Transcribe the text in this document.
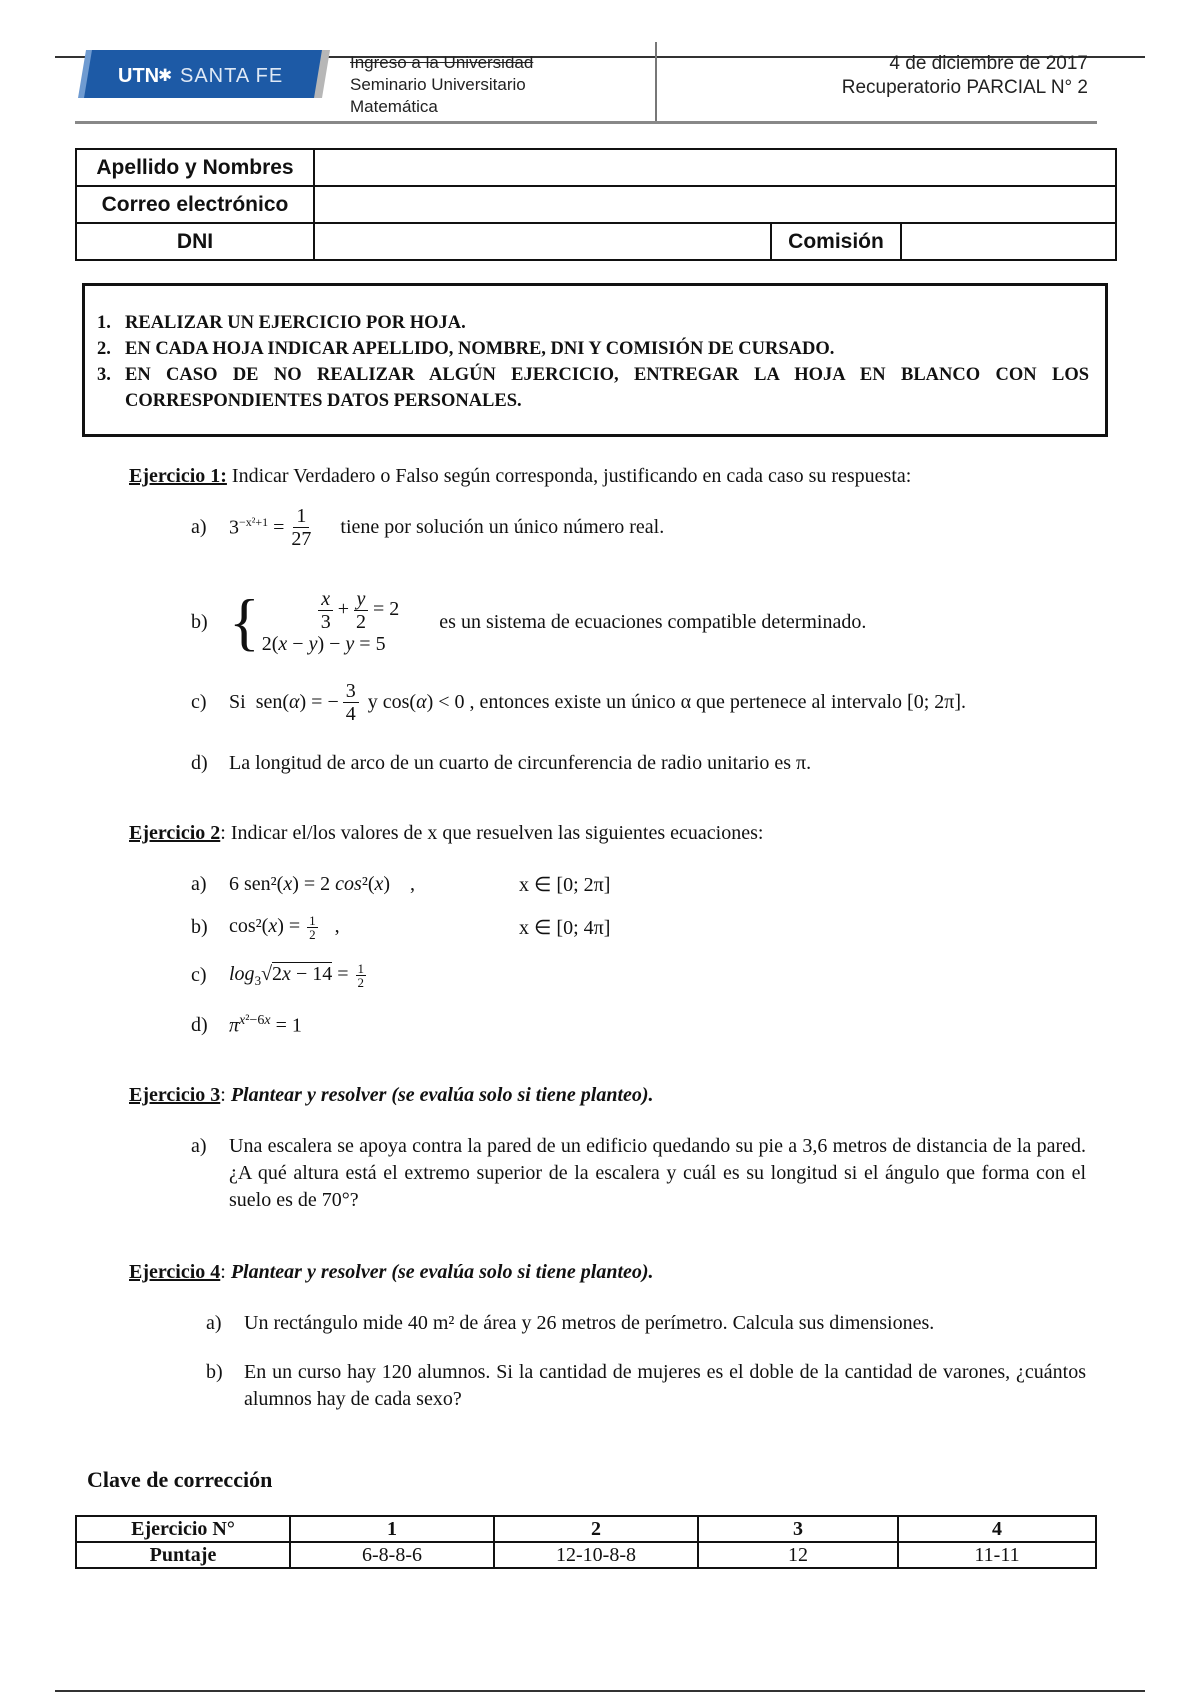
UTN
✱ SANTA FE
Ingreso a la Universidad
Seminario Universitario
Matemática
4 de diciembre de 2017
Recuperatorio PARCIAL N° 2
Apellido y Nombres			
Correo electrónico			
DNI		Comisión	
1. REALIZAR UN EJERCICIO POR HOJA.
2. EN CADA HOJA INDICAR APELLIDO, NOMBRE, DNI Y COMISIÓN DE CURSADO.
3. EN CASO DE NO REALIZAR ALGÚN EJERCICIO, ENTREGAR LA HOJA EN BLANCO CON LOS CORRESPONDIENTES DATOS PERSONALES.
Ejercicio 1: Indicar Verdadero o Falso según corresponda, justificando en cada caso su respuesta:
a)	$3^{-x^2+1} = \frac{1}{27}$ tiene por solución un único número real.
b) {	$\frac{x}{3} + \frac{y}{2} = 2$
2(x − y) − y = 5
es un sistema de ecuaciones compatible determinado.
c)	Si sen( α ) = − $\frac{3}{4}$ y cos( α ) < 0 , entonces existe un único α que pertenece al intervalo [0; 2π].
d)	La longitud de arco de un cuarto de circunferencia de radio unitario es π.
Ejercicio 2: Indicar el/los valores de x que resuelven las siguientes ecuaciones:
a)	6 sen²(x) = 2 cos²(x)    ,	x ∈ [0; 2π]
b)	$\cos^2(x) = \frac{1}{2}$ ,	x ∈ [0; 4π]
c)	$\log_3√2x - 14 = \frac{1}{2}$
d)	$\pi^{x^2-6x} = 1$
Ejercicio 3: Plantear y resolver (se evalúa solo si tiene planteo).
a)	Una escalera se apoya contra la pared de un edificio quedando su pie a 3,6 metros de distancia de la pared. ¿A qué altura está el extremo superior de la escalera y cuál es su longitud si el ángulo que forma con el suelo es de 70°?
Ejercicio 4: Plantear y resolver (se evalúa solo si tiene planteo).
a)	Un rectángulo mide 40 m² de área y 26 metros de perímetro. Calcula sus dimensiones.
b)	En un curso hay 120 alumnos. Si la cantidad de mujeres es el doble de la cantidad de varones, ¿cuántos alumnos hay de cada sexo?
Clave de corrección
Ejercicio N°	1	2	3	4
Puntaje	6-8-8-6	12-10-8-8	12	11-11
